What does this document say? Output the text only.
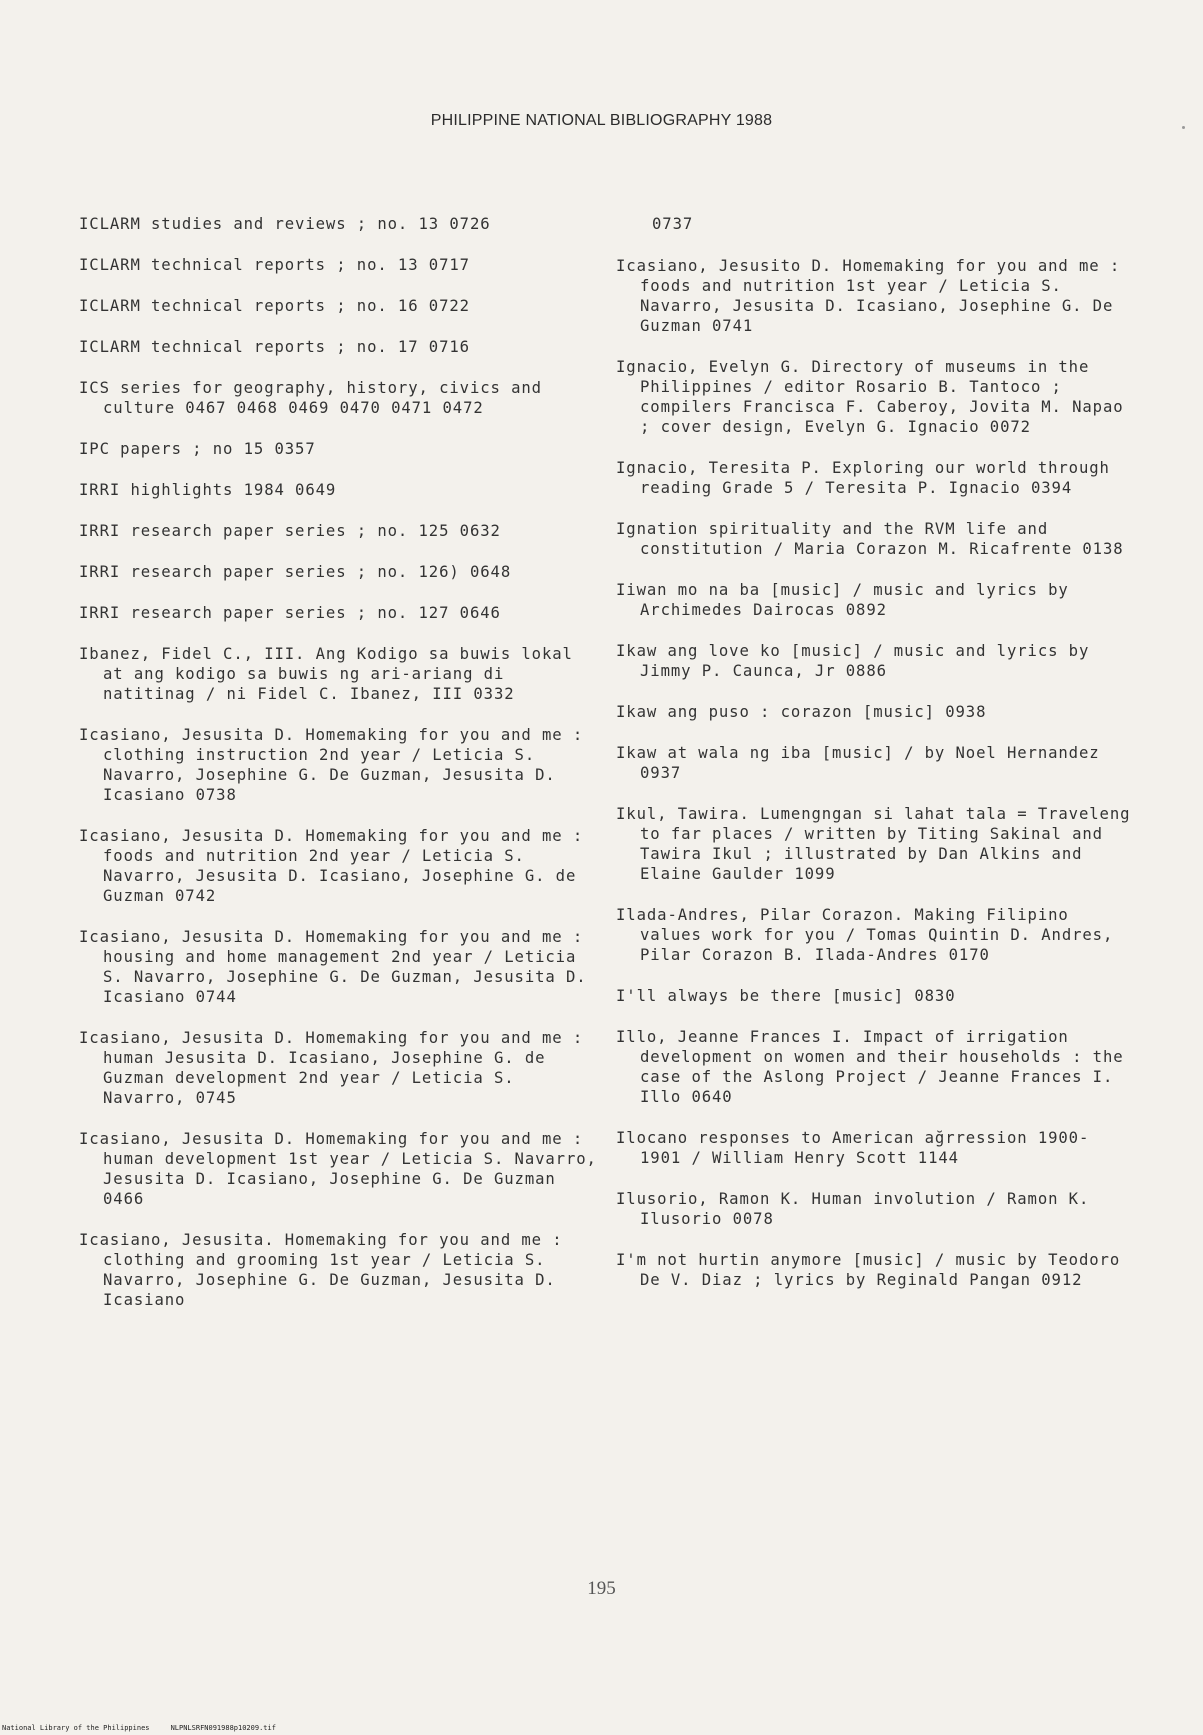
PHILIPPINE NATIONAL BIBLIOGRAPHY 1988
ICLARM studies and reviews ; no. 13 0726
ICLARM technical reports ; no. 13 0717
ICLARM technical reports ; no. 16 0722
ICLARM technical reports ; no. 17 0716
ICS series for geography, history, civics and culture 0467 0468 0469 0470 0471 0472
IPC papers ; no 15 0357
IRRI highlights 1984 0649
IRRI research paper series ; no. 125 0632
IRRI research paper series ; no. 126) 0648
IRRI research paper series ; no. 127 0646
Ibanez, Fidel C., III. Ang Kodigo sa buwis lokal at ang kodigo sa buwis ng ari-ariang di natitinag / ni Fidel C. Ibanez, III 0332
Icasiano, Jesusita D. Homemaking for you and me : clothing instruction 2nd year / Leticia S. Navarro, Josephine G. De Guzman, Jesusita D. Icasiano 0738
Icasiano, Jesusita D. Homemaking for you and me : foods and nutrition 2nd year / Leticia S. Navarro, Jesusita D. Icasiano, Josephine G. de Guzman 0742
Icasiano, Jesusita D. Homemaking for you and me : housing and home management 2nd year / Leticia S. Navarro, Josephine G. De Guzman, Jesusita D. Icasiano 0744
Icasiano, Jesusita D. Homemaking for you and me : human Jesusita D. Icasiano, Josephine G. de Guzman development 2nd year / Leticia S. Navarro, 0745
Icasiano, Jesusita D. Homemaking for you and me : human development 1st year / Leticia S. Navarro, Jesusita D. Icasiano, Josephine G. De Guzman 0466
Icasiano, Jesusita. Homemaking for you and me : clothing and grooming 1st year / Leticia S. Navarro, Josephine G. De Guzman, Jesusita D. Icasiano
0737
Icasiano, Jesusito D. Homemaking for you and me : foods and nutrition 1st year / Leticia S. Navarro, Jesusita D. Icasiano, Josephine G. De Guzman 0741
Ignacio, Evelyn G. Directory of museums in the Philippines / editor Rosario B. Tantoco ; compilers Francisca F. Caberoy, Jovita M. Napao ; cover design, Evelyn G. Ignacio 0072
Ignacio, Teresita P. Exploring our world through reading Grade 5 / Teresita P. Ignacio 0394
Ignation spirituality and the RVM life and constitution / Maria Corazon M. Ricafrente 0138
Iiwan mo na ba [music] / music and lyrics by Archimedes Dairocas 0892
Ikaw ang love ko [music] / music and lyrics by Jimmy P. Caunca, Jr 0886
Ikaw ang puso : corazon [music] 0938
Ikaw at wala ng iba [music] / by Noel Hernandez 0937
Ikul, Tawira. Lumengngan si lahat tala = Traveleng to far places / written by Titing Sakinal and Tawira Ikul ; illustrated by Dan Alkins and Elaine Gaulder 1099
Ilada-Andres, Pilar Corazon. Making Filipino values work for you / Tomas Quintin D. Andres, Pilar Corazon B. Ilada-Andres 0170
I'll always be there [music] 0830
Illo, Jeanne Frances I. Impact of irrigation development on women and their households : the case of the Aslong Project / Jeanne Frances I. Illo 0640
Ilocano responses to American ağrression 1900- 1901 / William Henry Scott 1144
Ilusorio, Ramon K. Human involution / Ramon K. Ilusorio 0078
I'm not hurtin anymore [music] / music by Teodoro De V. Diaz ; lyrics by Reginald Pangan 0912
195
National Library of the Philippines     NLPNLSRFN091988p10209.tif
